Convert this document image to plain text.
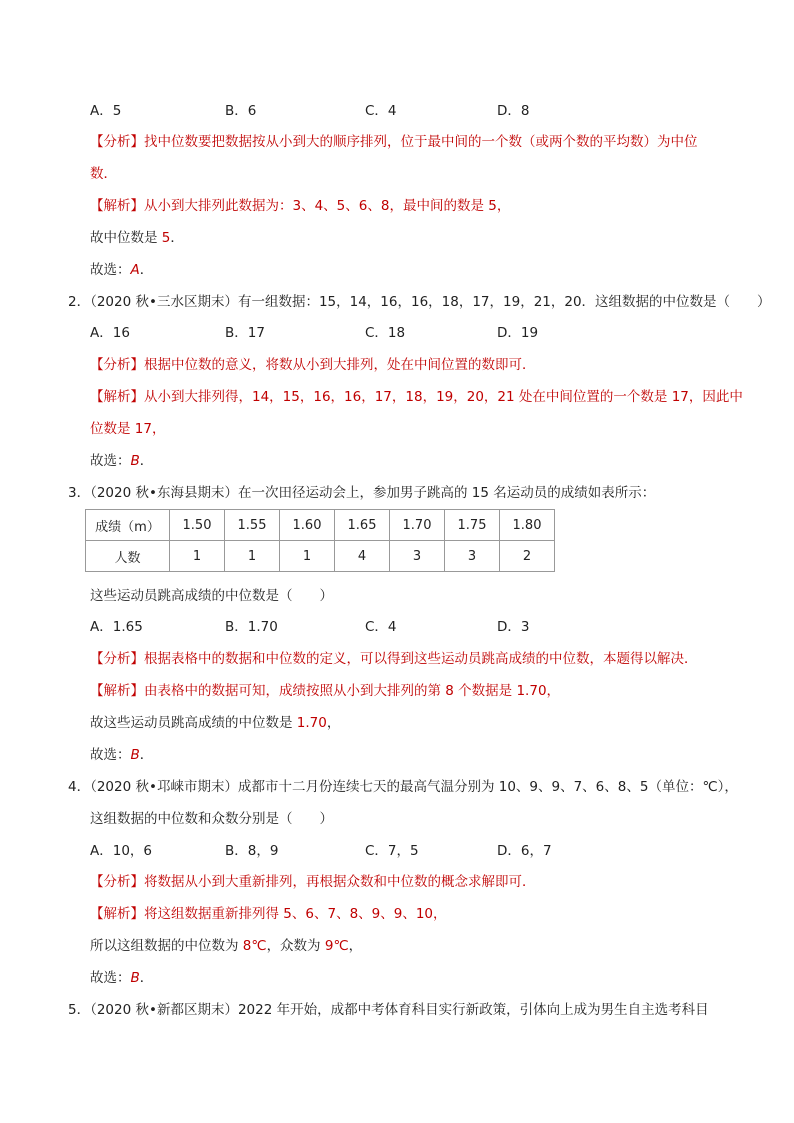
A．5	B．6	C．4	D．8
【分析】找中位数要把数据按从小到大的顺序排列，位于最中间的一个数（或两个数的平均数）为中位
数．
【解析】从小到大排列此数据为：3、4、5、6、8，最中间的数是 5，
故中位数是 5．
故选：A．
2．（2020 秋•三水区期末）有一组数据：15，14，16，16，18，17，19，21，20．这组数据的中位数是（　　）
A．16	B．17	C．18	D．19
【分析】根据中位数的意义，将数从小到大排列，处在中间位置的数即可．
【解析】从小到大排列得，14，15，16，16，17，18，19，20，21 处在中间位置的一个数是 17，因此中
位数是 17，
故选：B．
3．（2020 秋•东海县期末）在一次田径运动会上，参加男子跳高的 15 名运动员的成绩如表所示：
成绩（m）	1.50	1.55	1.60	1.65	1.70	1.75	1.80
人数	1	1	1	4	3	3	2
这些运动员跳高成绩的中位数是（　　）
A．1.65	B．1.70	C．4	D．3
【分析】根据表格中的数据和中位数的定义，可以得到这些运动员跳高成绩的中位数，本题得以解决．
【解析】由表格中的数据可知，成绩按照从小到大排列的第 8 个数据是 1.70，
故这些运动员跳高成绩的中位数是 1.70，
故选：B．
4．（2020 秋•邛崃市期末）成都市十二月份连续七天的最高气温分别为 10、9、9、7、6、8、5（单位：℃），
这组数据的中位数和众数分别是（　　）
A．10，6	B．8，9	C．7，5	D．6，7
【分析】将数据从小到大重新排列，再根据众数和中位数的概念求解即可．
【解析】将这组数据重新排列得 5、6、7、8、9、9、10，
所以这组数据的中位数为 8℃，众数为 9℃，
故选：B．
5．（2020 秋•新都区期末）2022 年开始，成都中考体育科目实行新政策，引体向上成为男生自主选考科目
